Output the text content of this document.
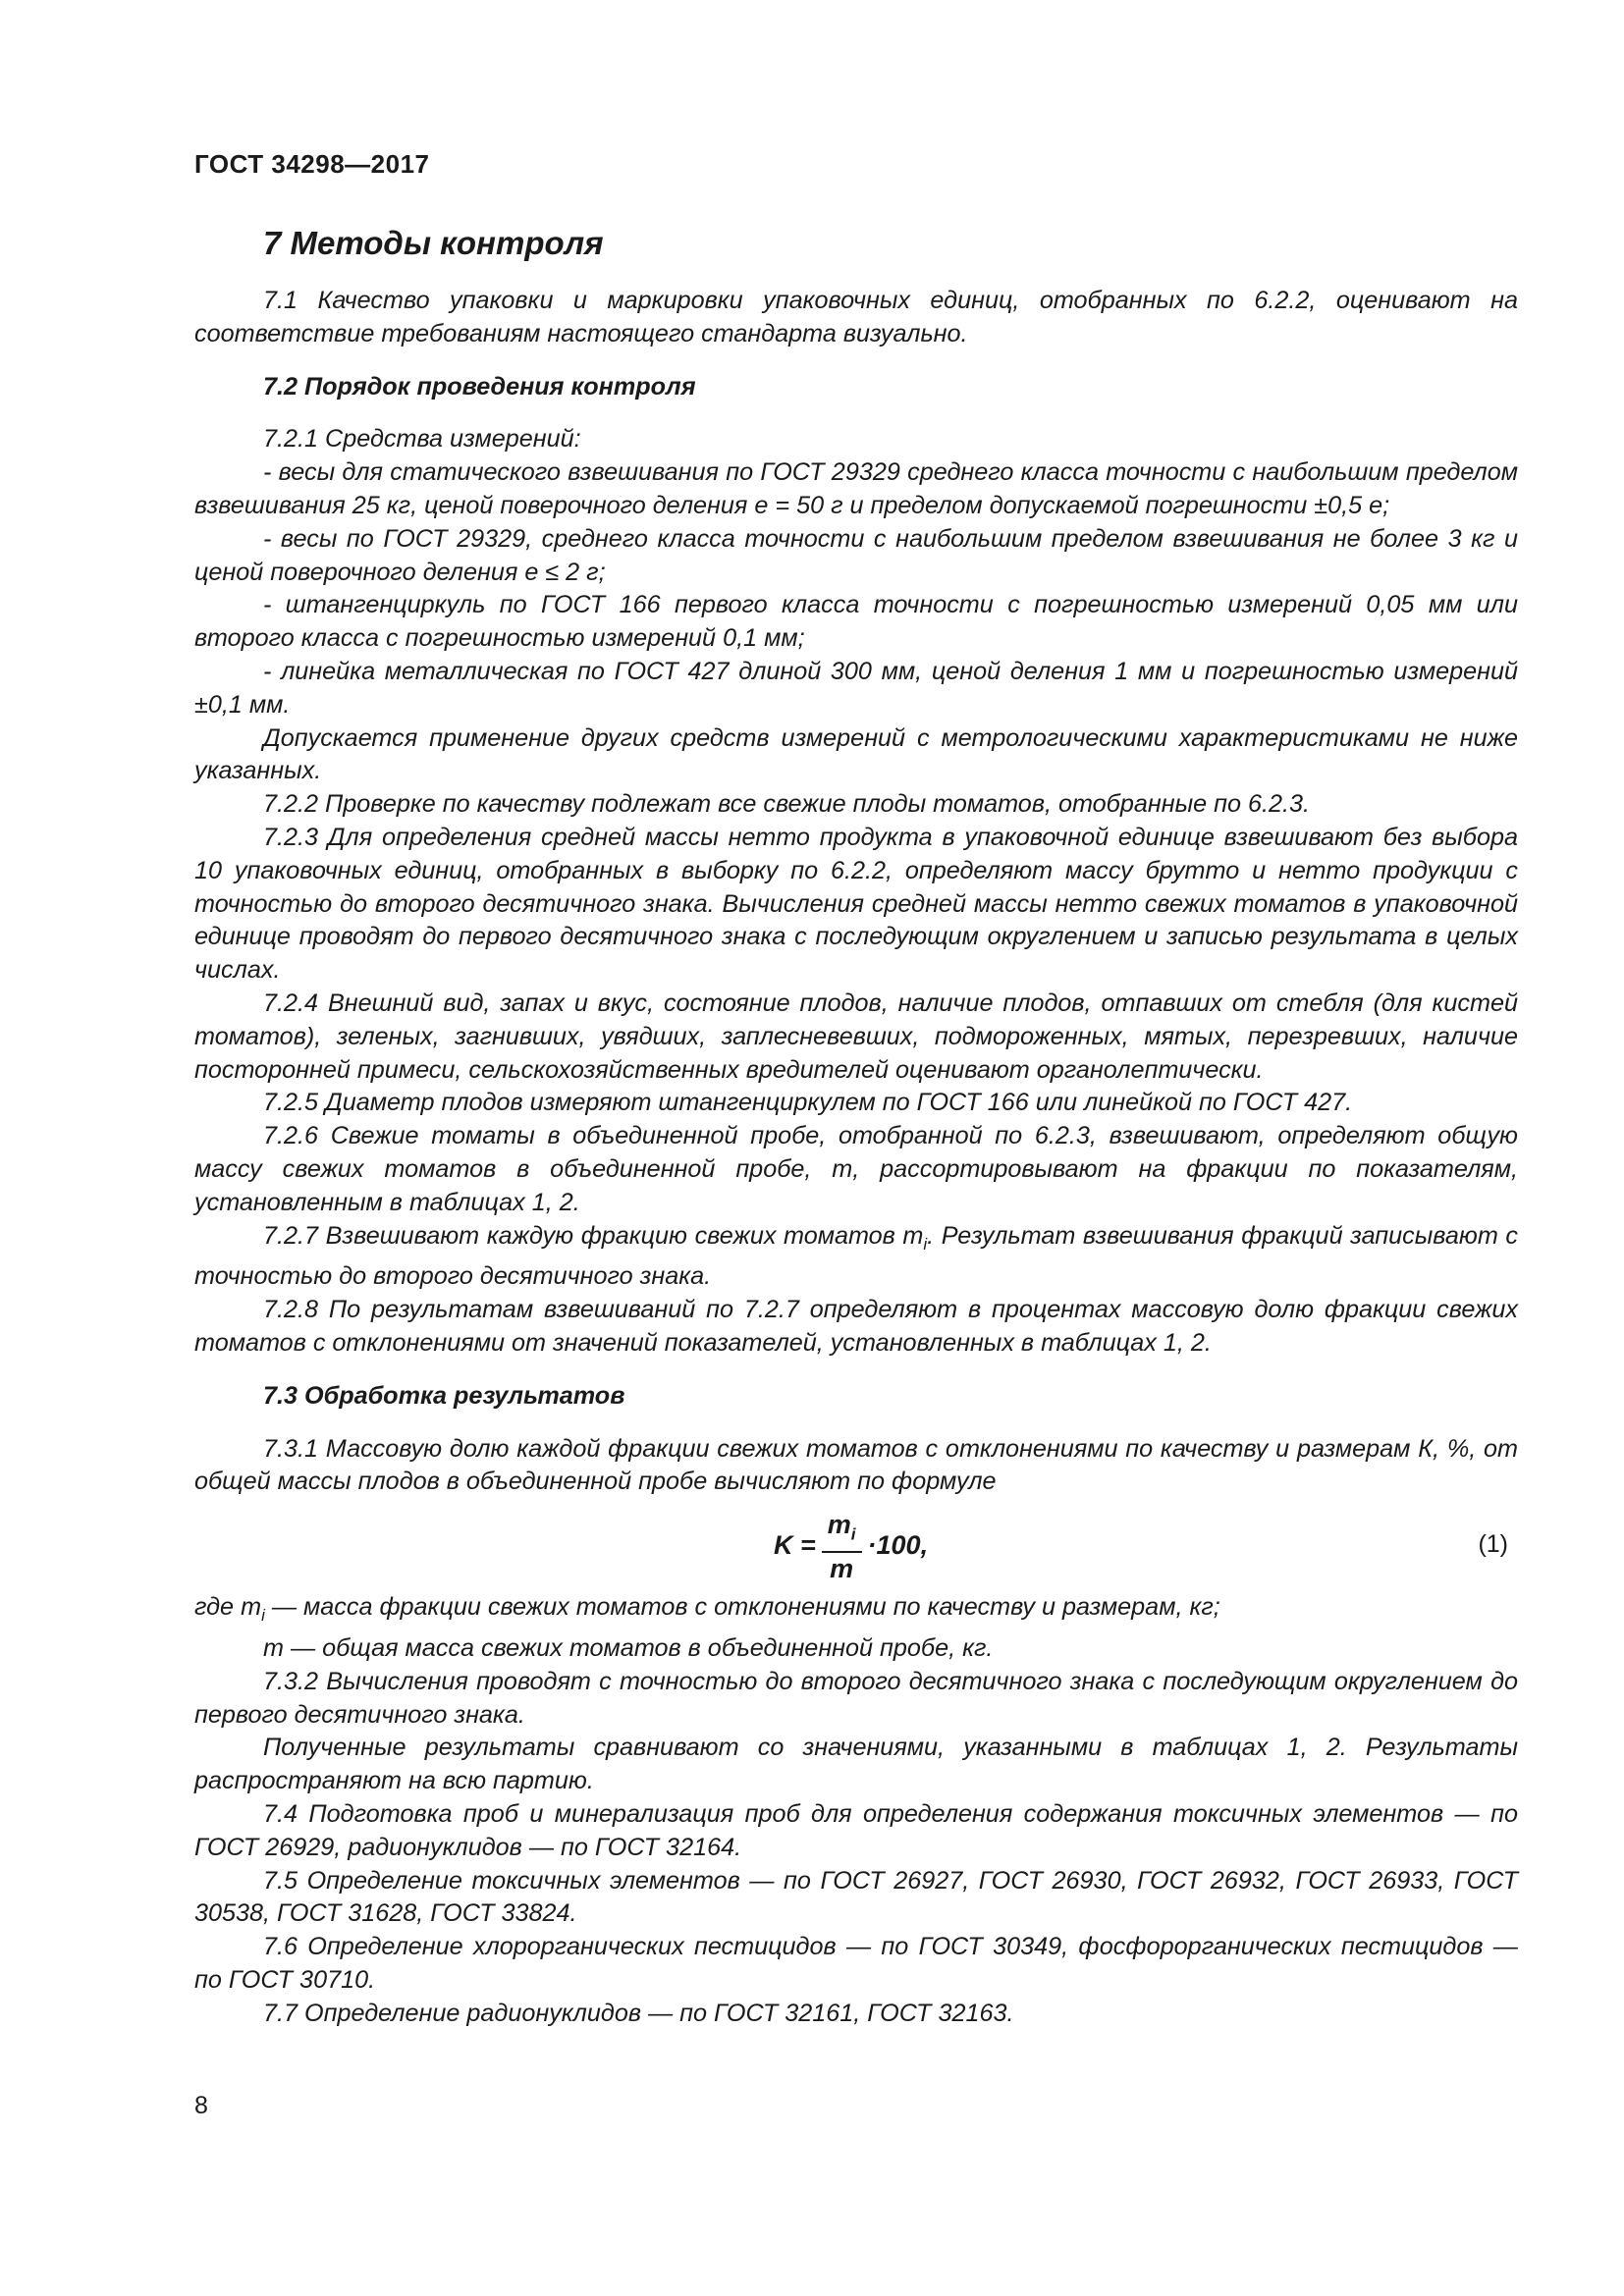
ГОСТ 34298—2017
7 Методы контроля

7.1 Качество упаковки и маркировки упаковочных единиц, отобранных по 6.2.2, оценивают на соответствие требованиям настоящего стандарта визуально.

7.2 Порядок проведения контроля

7.2.1 Средства измерений:

- весы для статического взвешивания по ГОСТ 29329 среднего класса точности с наибольшим пределом взвешивания 25 кг, ценой поверочного деления е = 50 г и пределом допускаемой погрешности ±0,5 е;

- весы по ГОСТ 29329, среднего класса точности с наибольшим пределом взвешивания не более 3 кг и ценой поверочного деления е ≤ 2 г;

- штангенциркуль по ГОСТ 166 первого класса точности с погрешностью измерений 0,05 мм или второго класса с погрешностью измерений 0,1 мм;

- линейка металлическая по ГОСТ 427 длиной 300 мм, ценой деления 1 мм и погрешностью измерений ±0,1 мм.

Допускается применение других средств измерений с метрологическими характеристиками не ниже указанных.

7.2.2 Проверке по качеству подлежат все свежие плоды томатов, отобранные по 6.2.3.

7.2.3 Для определения средней массы нетто продукта в упаковочной единице взвешивают без выбора 10 упаковочных единиц, отобранных в выборку по 6.2.2, определяют массу брутто и нетто продукции с точностью до второго десятичного знака. Вычисления средней массы нетто свежих томатов в упаковочной единице проводят до первого десятичного знака с последующим округлением и записью результата в целых числах.

7.2.4 Внешний вид, запах и вкус, состояние плодов, наличие плодов, отпавших от стебля (для кистей томатов), зеленых, загнивших, увядших, заплесневевших, подмороженных, мятых, перезревших, наличие посторонней примеси, сельскохозяйственных вредителей оценивают органолептически.

7.2.5 Диаметр плодов измеряют штангенциркулем по ГОСТ 166 или линейкой по ГОСТ 427.

7.2.6 Свежие томаты в объединенной пробе, отобранной по 6.2.3, взвешивают, определяют общую массу свежих томатов в объединенной пробе, m, рассортировывают на фракции по показателям, установленным в таблицах 1, 2.

7.2.7 Взвешивают каждую фракцию свежих томатов $m_i$. Результат взвешивания фракций записывают с точностью до второго десятичного знака.

7.2.8 По результатам взвешиваний по 7.2.7 определяют в процентах массовую долю фракции свежих томатов с отклонениями от значений показателей, установленных в таблицах 1, 2.

7.3 Обработка результатов

7.3.1 Массовую долю каждой фракции свежих томатов с отклонениями по качеству и размерам К, %, от общей массы плодов в объединенной пробе вычисляют по формуле

$K = \frac{m_i}{m} \cdot 100$,	(1)

где $m_i$ — масса фракции свежих томатов с отклонениями по качеству и размерам, кг;

m — общая масса свежих томатов в объединенной пробе, кг.

7.3.2 Вычисления проводят с точностью до второго десятичного знака с последующим округлением до первого десятичного знака.

Полученные результаты сравнивают со значениями, указанными в таблицах 1, 2. Результаты распространяют на всю партию.

7.4 Подготовка проб и минерализация проб для определения содержания токсичных элементов — по ГОСТ 26929, радионуклидов — по ГОСТ 32164.

7.5 Определение токсичных элементов — по ГОСТ 26927, ГОСТ 26930, ГОСТ 26932, ГОСТ 26933, ГОСТ 30538, ГОСТ 31628, ГОСТ 33824.

7.6 Определение хлорорганических пестицидов — по ГОСТ 30349, фосфорорганических пестицидов — по ГОСТ 30710.

7.7 Определение радионуклидов — по ГОСТ 32161, ГОСТ 32163.

8
